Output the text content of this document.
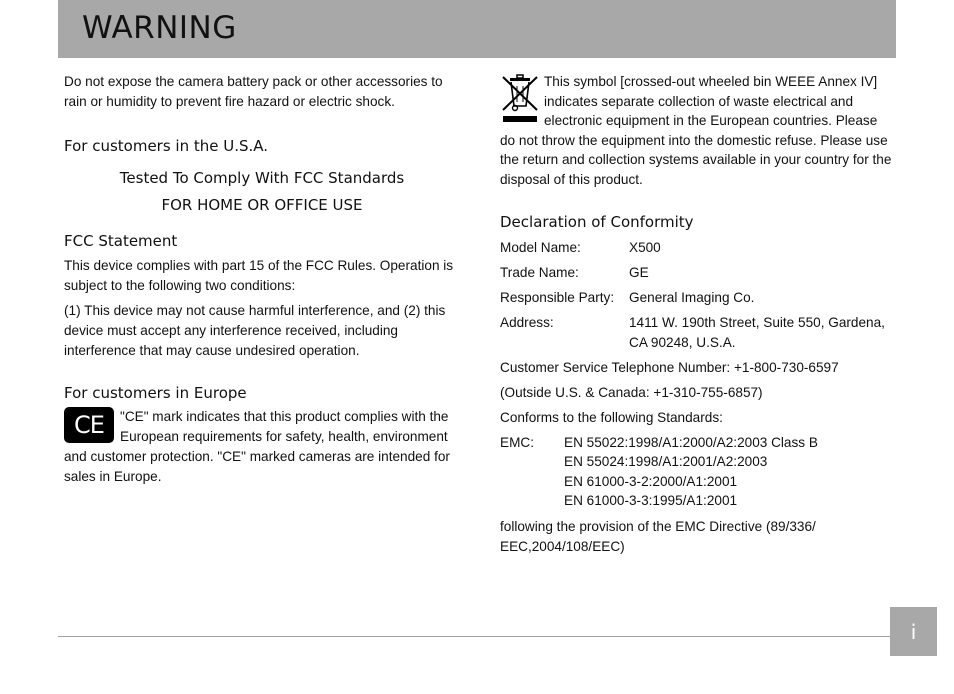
WARNING
Do not expose the camera battery pack or other accessories to rain or humidity to prevent fire hazard or electric shock.
For customers in the U.S.A.
Tested To Comply With FCC Standards
FOR HOME OR OFFICE USE
FCC Statement
This device complies with part 15 of the FCC Rules. Operation is subject to the following two conditions:
(1) This device may not cause harmful interference, and (2) this device must accept any interference received, including interference that may cause undesired operation.
For customers in Europe
CE	"CE" mark indicates that this product complies with the European requirements for safety, health, environment and customer protection. "CE" marked cameras are intended for sales in Europe.
This symbol [crossed-out wheeled bin WEEE Annex IV] indicates separate collection of waste electrical and electronic equipment in the European countries. Please do not throw the equipment into the domestic refuse. Please use the return and collection systems available in your country for the disposal of this product.
Declaration of Conformity
Model Name:	X500
Trade Name:	GE
Responsible Party:	General Imaging Co.
Address:	1411 W. 190th Street, Suite 550, Gardena, CA 90248, U.S.A.
Customer Service Telephone Number: +1-800-730-6597
(Outside U.S. & Canada: +1-310-755-6857)
Conforms to the following Standards:
EMC:	EN 55022:1998/A1:2000/A2:2003 Class B
EN 55024:1998/A1:2001/A2:2003
EN 61000-3-2:2000/A1:2001
EN 61000-3-3:1995/A1:2001
following the provision of the EMC Directive (89/336/ EEC,2004/108/EEC)
i
